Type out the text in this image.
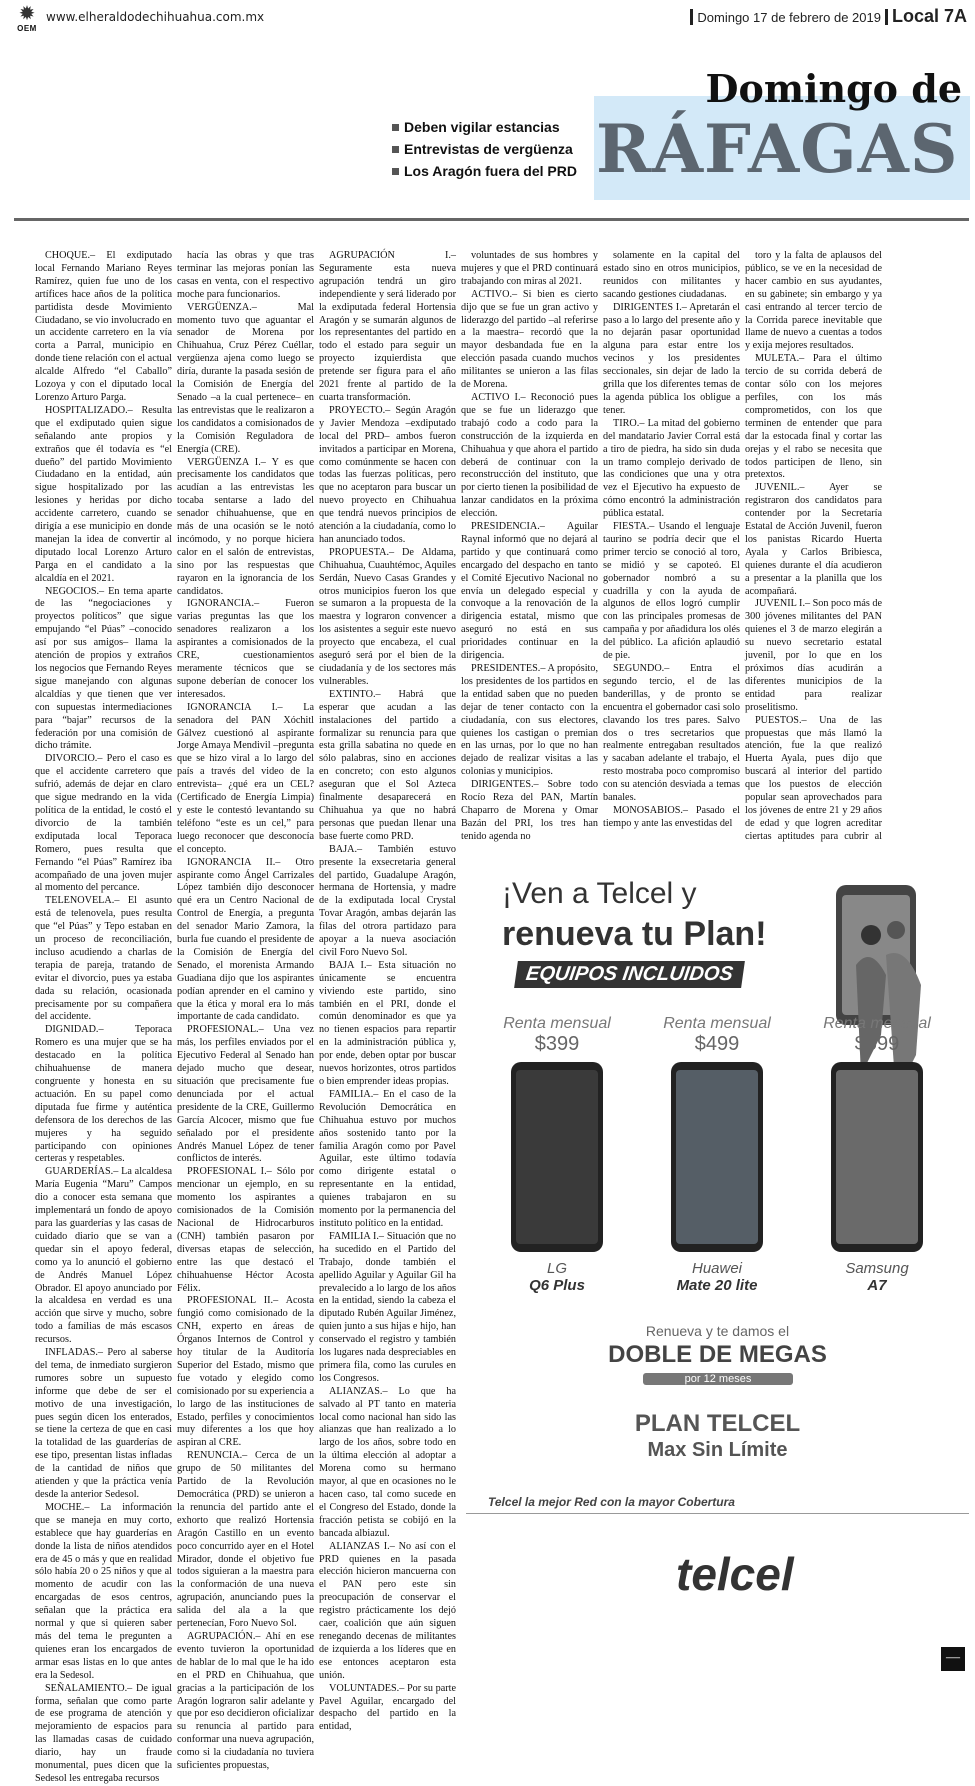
✹
OEM
www.elheraldodechihuahua.com.mx	Domingo 17 de febrero de 2019 Local 7A
Deben vigilar estancias
Entrevistas de vergüenza
Los Aragón fuera del PRD
Domingo de
RÁFAGAS

CHOQUE.– El exdiputado local Fernando Mariano Reyes Ramírez, quien fue uno de los artífices hace años de la política partidista desde Movimiento Ciudadano, se vio involucrado en un accidente carretero en la vía corta a Parral, municipio en donde tiene relación con el actual alcalde Alfredo “el Caballo” Lozoya y con el diputado local Lorenzo Arturo Parga.

HOSPITALIZADO.– Resulta que el exdiputado quien sigue señalando ante propios y extraños que él todavía es “el dueño” del partido Movimiento Ciudadano en la entidad, aún sigue hospitalizado por las lesiones y heridas por dicho accidente carretero, cuando se dirigía a ese municipio en donde manejan la idea de convertir al diputado local Lorenzo Arturo Parga en el candidato a la alcaldía en el 2021.

NEGOCIOS.– En tema aparte de las “negociaciones y proyectos políticos” que sigue empujando “el Púas” –conocido así por sus amigos– llama la atención de propios y extraños los negocios que Fernando Reyes sigue manejando con algunas alcaldías y que tienen que ver con supuestas intermediaciones para “bajar” recursos de la federación por una comisión de dicho trámite.

DIVORCIO.– Pero el caso es que el accidente carretero que sufrió, además de dejar en claro que sigue medrando en la vida política de la entidad, le costó el divorcio de la también exdiputada local Teporaca Romero, pues resulta que Fernando “el Púas” Ramírez iba acompañado de una joven mujer al momento del percance.

TELENOVELA.– El asunto está de telenovela, pues resulta que “el Púas” y Tepo estaban en un proceso de reconciliación, incluso acudiendo a charlas de terapia de pareja, tratando de evitar el divorcio, pues ya estaba dada su relación, ocasionada precisamente por su compañera del accidente.

DIGNIDAD.– Teporaca Romero es una mujer que se ha destacado en la política chihuahuense de manera congruente y honesta en su actuación. En su papel como diputada fue firme y auténtica defensora de los derechos de las mujeres y ha seguido participando con opiniones certeras y respetables.

GUARDERÍAS.– La alcaldesa María Eugenia “Maru” Campos dio a conocer esta semana que implementará un fondo de apoyo para las guarderías y las casas de cuidado diario que se van a quedar sin el apoyo federal, como ya lo anunció el gobierno de Andrés Manuel López Obrador. El apoyo anunciado por la alcaldesa en verdad es una acción que sirve y mucho, sobre todo a familias de más escasos recursos.

INFLADAS.– Pero al saberse del tema, de inmediato surgieron rumores sobre un supuesto informe que debe de ser el motivo de una investigación, pues según dicen los enterados, se tiene la certeza de que en casi la totalidad de las guarderías de ese tipo, presentan listas infladas de la cantidad de niños que atienden y que la práctica venía desde la anterior Sedesol.

MOCHE.– La información que se maneja en muy corto, establece que hay guarderías en donde la lista de niños atendidos era de 45 o más y que en realidad sólo había 20 o 25 niños y que al momento de acudir con las encargadas de esos centros, señalan que la práctica era normal y que si quieren saber más del tema le pregunten a quienes eran los encargados de armar esas listas en lo que antes era la Sedesol.

SEÑALAMIENTO.– De igual forma, señalan que como parte de ese programa de atención y mejoramiento de espacios para las llamadas casas de cuidado diario, hay un fraude monumental, pues dicen que la Sedesol les entregaba recursos

hacía las obras y que tras terminar las mejoras ponían las casas en venta, con el respectivo moche para funcionarios.

VERGÜENZA.– Mal momento tuvo que aguantar el senador de Morena por Chihuahua, Cruz Pérez Cuéllar, vergüenza ajena como luego se diría, durante la pasada sesión de la Comisión de Energía del Senado –a la cual pertenece– en las entrevistas que le realizaron a los candidatos a comisionados de la Comisión Reguladora de Energía (CRE).

VERGÜENZA I.– Y es que precisamente los candidatos que acudían a las entrevistas les tocaba sentarse a lado del senador chihuahuense, que en más de una ocasión se le notó incómodo, y no porque hiciera calor en el salón de entrevistas, sino por las respuestas que rayaron en la ignorancia de los candidatos.

IGNORANCIA.– Fueron varias preguntas las que los senadores realizaron a los aspirantes a comisionados de la CRE, cuestionamientos meramente técnicos que se supone deberían de conocer los interesados.

IGNORANCIA I.– La senadora del PAN Xóchitl Gálvez cuestionó al aspirante Jorge Amaya Mendivil –pregunta que se hizo viral a lo largo del país a través del video de la entrevista– ¿qué era un CEL? (Certificado de Energía Limpia) y este le contestó levantando su teléfono “este es un cel,” para luego reconocer que desconocía el concepto.

IGNORANCIA II.– Otro aspirante como Ángel Carrizales López también dijo desconocer qué era un Centro Nacional de Control de Energía, a pregunta del senador Mario Zamora, la burla fue cuando el presidente de la Comisión de Energía del Senado, el morenista Armando Guadiana dijo que los aspirantes podían aprender en el camino y que la ética y moral era lo más importante de cada candidato.

PROFESIONAL.– Una vez más, los perfiles enviados por el Ejecutivo Federal al Senado han dejado mucho que desear, situación que precisamente fue denunciada por el actual presidente de la CRE, Guillermo García Alcocer, mismo que fue señalado por el presidente Andrés Manuel López de tener conflictos de interés.

PROFESIONAL I.– Sólo por mencionar un ejemplo, en su momento los aspirantes a comisionados de la Comisión Nacional de Hidrocarburos (CNH) también pasaron por diversas etapas de selección, entre las que destacó el chihuahuense Héctor Acosta Félix.

PROFESIONAL II.– Acosta fungió como comisionado de la CNH, experto en áreas de Órganos Internos de Control y hoy titular de la Auditoría Superior del Estado, mismo que fue votado y elegido como comisionado por su experiencia a lo largo de las instituciones de Estado, perfiles y conocimientos muy diferentes a los que hoy aspiran al CRE.

RENUNCIA.– Cerca de un grupo de 50 militantes del Partido de la Revolución Democrática (PRD) se unieron a la renuncia del partido ante el exhorto que realizó Hortensia Aragón Castillo en un evento poco concurrido ayer en el Hotel Mirador, donde el objetivo fue todos siguieran a la maestra para la conformación de una nueva agrupación, anunciando pues la salida del ala a la que pertenecían, Foro Nuevo Sol.

AGRUPACIÓN.– Ahí en ese evento tuvieron la oportunidad de hablar de lo mal que le ha ido en el PRD en Chihuahua, que gracias a la participación de los Aragón lograron salir adelante y que por eso decidieron oficializar su renuncia al partido para conformar una nueva agrupación, como si la ciudadanía no tuviera suficientes propuestas,

AGRUPACIÓN I.– Seguramente esta nueva agrupación tendrá un giro independiente y será liderado por la exdiputada federal Hortensia Aragón y se sumarán algunos de los representantes del partido en todo el estado para seguir un proyecto izquierdista que pretende ser figura para el año 2021 frente al partido de la cuarta transformación.

PROYECTO.– Según Aragón y Javier Mendoza –exdiputado local del PRD– ambos fueron invitados a participar en Morena, como comúnmente se hacen con todas las fuerzas políticas, pero que no aceptaron para buscar un nuevo proyecto en Chihuahua que tendrá nuevos principios de atención a la ciudadanía, como lo han anunciado todos.

PROPUESTA.– De Aldama, Chihuahua, Cuauhtémoc, Aquiles Serdán, Nuevo Casas Grandes y otros municipios fueron los que se sumaron a la propuesta de la maestra y lograron convencer a los asistentes a seguir este nuevo proyecto que encabeza, el cual aseguró será por el bien de la ciudadanía y de los sectores más vulnerables.

EXTINTO.– Habrá que esperar que acudan a las instalaciones del partido a formalizar su renuncia para que esta grilla sabatina no quede en sólo palabras, sino en acciones en concreto; con esto algunos aseguran que el Sol Azteca finalmente desaparecerá en Chihuahua ya que no habrá personas que puedan llenar una base fuerte como PRD.

BAJA.– También estuvo presente la exsecretaria general del partido, Guadalupe Aragón, hermana de Hortensia, y madre de la exdiputada local Crystal Tovar Aragón, ambas dejarán las filas del otrora partidazo para apoyar a la nueva asociación civil Foro Nuevo Sol.

BAJA I.– Esta situación no únicamente se encuentra viviendo este partido, sino también en el PRI, donde el común denominador es que ya no tienen espacios para repartir en la administración pública y, por ende, deben optar por buscar nuevos horizontes, otros partidos o bien emprender ideas propias.

FAMILIA.– En el caso de la Revolución Democrática en Chihuahua estuvo por muchos años sostenido tanto por la familia Aragón como por Pavel Aguilar, este último todavía como dirigente estatal o representante en la entidad, quienes trabajaron en su momento por la permanencia del instituto político en la entidad.

FAMILIA I.– Situación que no ha sucedido en el Partido del Trabajo, donde también el apellido Aguilar y Aguilar Gil ha prevalecido a lo largo de los años en la entidad, siendo la cabeza el diputado Rubén Aguilar Jiménez, quien junto a sus hijas e hijo, han conservado el registro y también los lugares nada despreciables en primera fila, como las curules en los Congresos.

ALIANZAS.– Lo que ha salvado al PT tanto en materia local como nacional han sido las alianzas que han realizado a lo largo de los años, sobre todo en la última elección al adoptar a Morena como su hermano mayor, al que en ocasiones no le hacen caso, tal como sucede en el Congreso del Estado, donde la fracción petista se cobijó en la bancada albiazul.

ALIANZAS I.– No así con el PRD quienes en la pasada elección hicieron mancuerna con el PAN pero este sin preocupación de conservar el registro prácticamente los dejó caer, coalición que aún siguen renegando decenas de militantes de izquierda a los líderes que en ese entonces aceptaron esta unión.

VOLUNTADES.– Por su parte Pavel Aguilar, encargado del despacho del partido en la entidad,

voluntades de sus hombres y mujeres y que el PRD continuará trabajando con miras al 2021.

ACTIVO.– Si bien es cierto dijo que se fue un gran activo y liderazgo del partido –al referirse a la maestra– recordó que la mayor desbandada fue en la elección pasada cuando muchos militantes se unieron a las filas de Morena.

ACTIVO I.– Reconoció pues que se fue un liderazgo que trabajó codo a codo para la construcción de la izquierda en Chihuahua y que ahora el partido deberá de continuar con la reconstrucción del instituto, que por cierto tienen la posibilidad de lanzar candidatos en la próxima elección.

PRESIDENCIA.– Aguilar Raynal informó que no dejará al partido y que continuará como encargado del despacho en tanto el Comité Ejecutivo Nacional no envía un delegado especial y convoque a la renovación de la dirigencia estatal, mismo que aseguró no está en sus prioridades continuar en la dirigencia.

PRESIDENTES.– A propósito, los presidentes de los partidos en la entidad saben que no pueden dejar de tener contacto con la ciudadanía, con sus electores, quienes los castigan o premian en las urnas, por lo que no han dejado de realizar visitas a las colonias y municipios.

DIRIGENTES.– Sobre todo Rocío Reza del PAN, Martín Chaparro de Morena y Omar Bazán del PRI, los tres han tenido agenda no

solamente en la capital del estado sino en otros municipios, reunidos con militantes y sacando gestiones ciudadanas.

DIRIGENTES I.– Apretarán el paso a lo largo del presente año y no dejarán pasar oportunidad alguna para estar entre los vecinos y los presidentes seccionales, sin dejar de lado la grilla que los diferentes temas de la agenda pública los obligue a tener.

TIRO.– La mitad del gobierno del mandatario Javier Corral está a tiro de piedra, ha sido sin duda un tramo complejo derivado de las condiciones que una y otra vez el Ejecutivo ha expuesto de cómo encontró la administración pública estatal.

FIESTA.– Usando el lenguaje taurino se podría decir que el primer tercio se conoció al toro, se midió y se capoteó. El gobernador nombró a su cuadrilla y con la ayuda de algunos de ellos logró cumplir con las principales promesas de campaña y por añadidura los olés del público. La afición aplaudió de pie.

SEGUNDO.– Entra el segundo tercio, el de las banderillas, y de pronto se encuentra el gobernador casi solo clavando los tres pares. Salvo dos o tres secretarios que realmente entregaban resultados y sacaban adelante el trabajo, el resto mostraba poco compromiso con su atención desviada a temas banales.

MONOSABIOS.– Pasado el tiempo y ante las envestidas del

toro y la falta de aplausos del público, se ve en la necesidad de hacer cambio en sus ayudantes, en su gabinete; sin embargo y ya casi entrando al tercer tercio de la Corrida parece inevitable que llame de nuevo a cuentas a todos y exija mejores resultados.

MULETA.– Para el último tercio de su corrida deberá de contar sólo con los mejores perfiles, con los más comprometidos, con los que terminen de entender que para dar la estocada final y cortar las orejas y el rabo se necesita que todos participen de lleno, sin pretextos.

JUVENIL.– Ayer se registraron dos candidatos para contender por la Secretaría Estatal de Acción Juvenil, fueron los panistas Ricardo Huerta Ayala y Carlos Bribiesca, quienes durante el día acudieron a presentar a la planilla que los acompañará.

JUVENIL I.– Son poco más de 300 jóvenes militantes del PAN quienes el 3 de marzo elegirán a su nuevo secretario estatal juvenil, por lo que en los próximos días acudirán a diferentes municipios de la entidad para realizar proselitismo.

PUESTOS.– Una de las propuestas que más llamó la atención, fue la que realizó Huerta Ayala, pues dijo que buscará al interior del partido que los puestos de elección popular sean aprovechados para los jóvenes de entre 21 y 29 años de edad y que logren acreditar ciertas aptitudes para cubrir al

¡Ven a Telcel y
renueva tu Plan!
EQUIPOS INCLUIDOS
Renta mensual
$399
LG
Q6 Plus
Renta mensual
$499
Huawei
Mate 20 lite
Renta mensual
$599
Samsung
A7
Renueva y te damos el
DOBLE DE MEGAS
por 12 meses
PLAN TELCEL
Max Sin Límite
Telcel la mejor Red con la mayor Cobertura
telcel
—
